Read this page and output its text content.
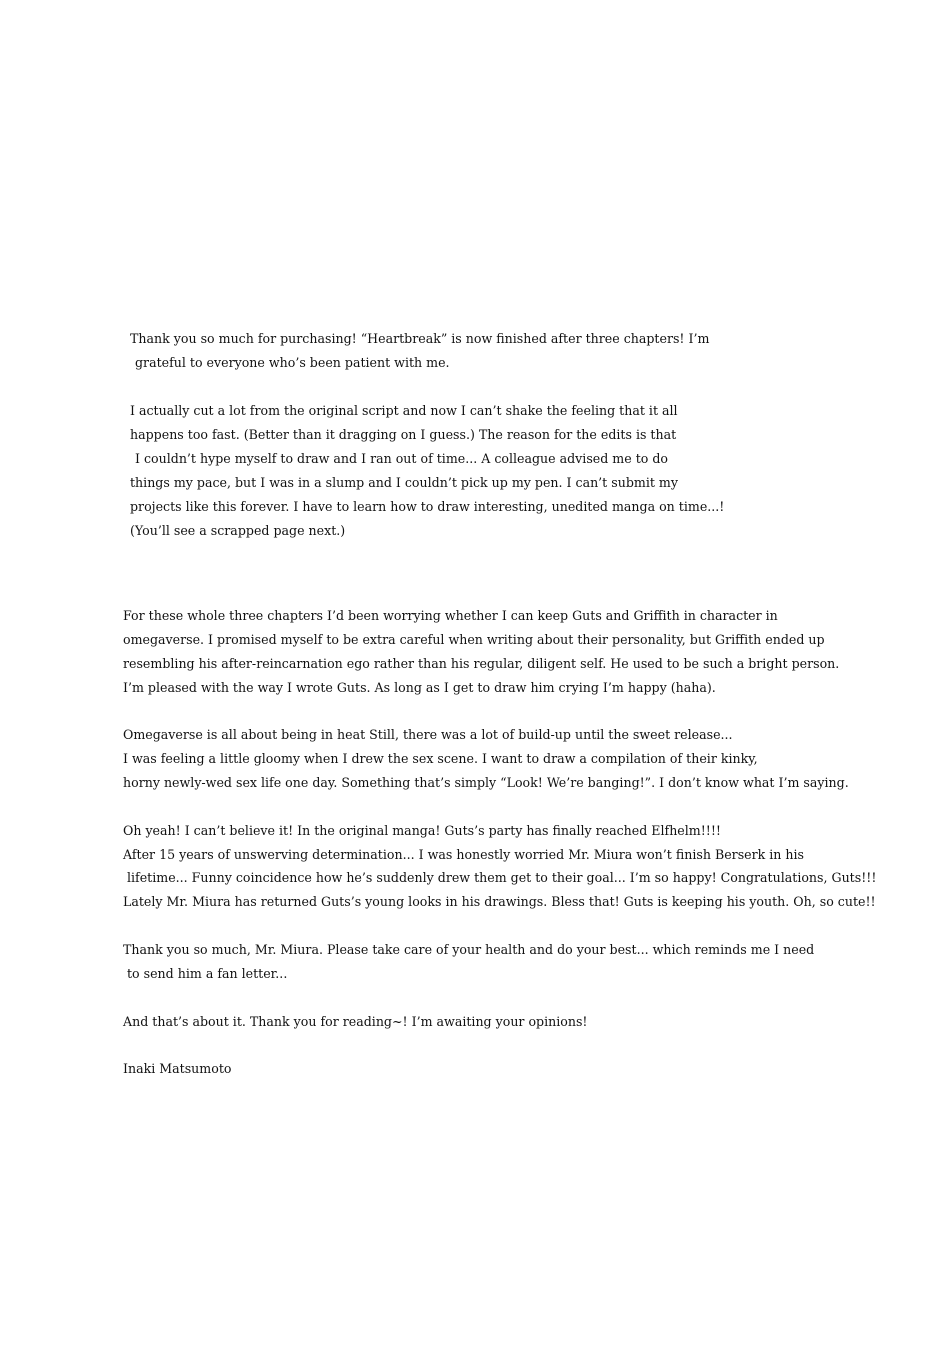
Thank you so much for purchasing! “Heartbreak” is now finished after three chapters! I’m
grateful to everyone who’s been patient with me.
I actually cut a lot from the original script and now I can’t shake the feeling that it all
happens too fast. (Better than it dragging on I guess.) The reason for the edits is that
I couldn’t hype myself to draw and I ran out of time... A colleague advised me to do
things my pace, but I was in a slump and I couldn’t pick up my pen. I can’t submit my
projects like this forever. I have to learn how to draw interesting, unedited manga on time...!
(You’ll see a scrapped page next.)
For these whole three chapters I’d been worrying whether I can keep Guts and Griffith in character in
omegaverse. I promised myself to be extra careful when writing about their personality, but Griffith ended up
resembling his after-reincarnation ego rather than his regular, diligent self. He used to be such a bright person.
I’m pleased with the way I wrote Guts. As long as I get to draw him crying I’m happy (haha).
Omegaverse is all about being in heat Still, there was a lot of build-up until the sweet release...
I was feeling a little gloomy when I drew the sex scene. I want to draw a compilation of their kinky,
horny newly-wed sex life one day. Something that’s simply “Look! We’re banging!”. I don’t know what I’m saying.
Oh yeah! I can’t believe it! In the original manga! Guts’s party has finally reached Elfhelm!!!!
After 15 years of unswerving determination... I was honestly worried Mr. Miura won’t finish Berserk in his
lifetime... Funny coincidence how he’s suddenly drew them get to their goal... I’m so happy! Congratulations, Guts!!!
Lately Mr. Miura has returned Guts’s young looks in his drawings. Bless that! Guts is keeping his youth. Oh, so cute!!
Thank you so much, Mr. Miura. Please take care of your health and do your best... which reminds me I need
to send him a fan letter...
And that’s about it. Thank you for reading~! I’m awaiting your opinions!
Inaki Matsumoto
